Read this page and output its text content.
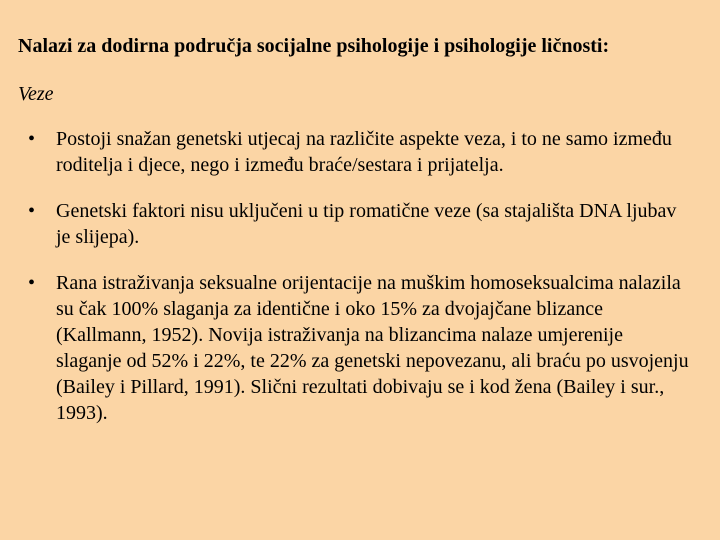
Nalazi za dodirna područja socijalne psihologije i psihologije ličnosti:

Veze

• Postoji snažan genetski utjecaj na različite aspekte veza, i to ne samo između roditelja i djece, nego i između braće/sestara i prijatelja.
• Genetski faktori nisu uključeni u tip romatične veze (sa stajališta DNA ljubav je slijepa).
• Rana istraživanja seksualne orijentacije na muškim homoseksualcima nalazila su čak 100% slaganja za identične i oko 15% za dvojajčane blizance (Kallmann, 1952). Novija istraživanja na blizancima nalaze umjerenije slaganje od 52% i 22%, te 22% za genetski nepovezanu, ali braću po usvojenju (Bailey i Pillard, 1991). Slični rezultati dobivaju se i kod žena (Bailey i sur., 1993).
